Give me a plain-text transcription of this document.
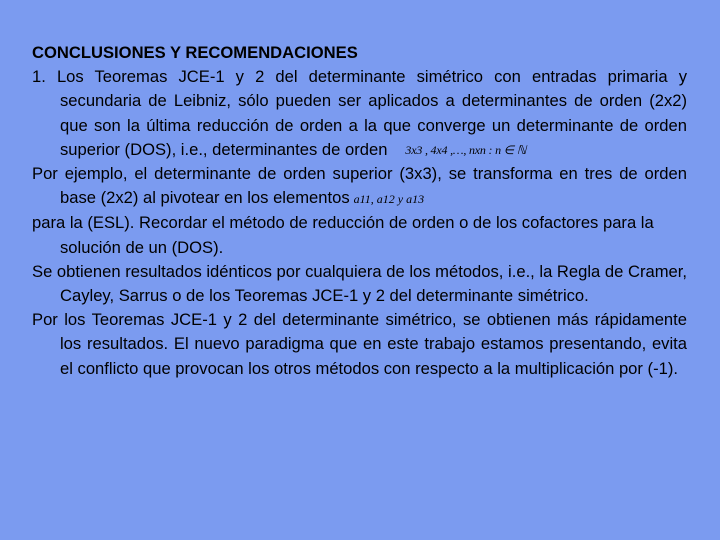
CONCLUSIONES Y RECOMENDACIONES

1. Los Teoremas JCE-1 y 2 del determinante simétrico con entradas primaria y secundaria de Leibniz, sólo pueden ser aplicados a determinantes de orden (2x2) que son la última reducción de orden a la que converge un determinante de orden superior (DOS), i.e., determinantes de orden 3x3 , 4x4 ,…, nxn : n ∈ ℕ

Por ejemplo, el determinante de orden superior (3x3), se transforma en tres de orden base (2x2) al pivotear en los elementos a11, a12 y a13

para la (ESL). Recordar el método de reducción de orden o de los cofactores para la solución de un (DOS).

Se obtienen resultados idénticos por cualquiera de los métodos, i.e., la Regla de Cramer, Cayley, Sarrus o de los Teoremas JCE-1 y 2 del determinante simétrico.

Por los Teoremas JCE-1 y 2 del determinante simétrico, se obtienen más rápidamente los resultados. El nuevo paradigma que en este trabajo estamos presentando, evita el conflicto que provocan los otros métodos con respecto a la multiplicación por (-1).
